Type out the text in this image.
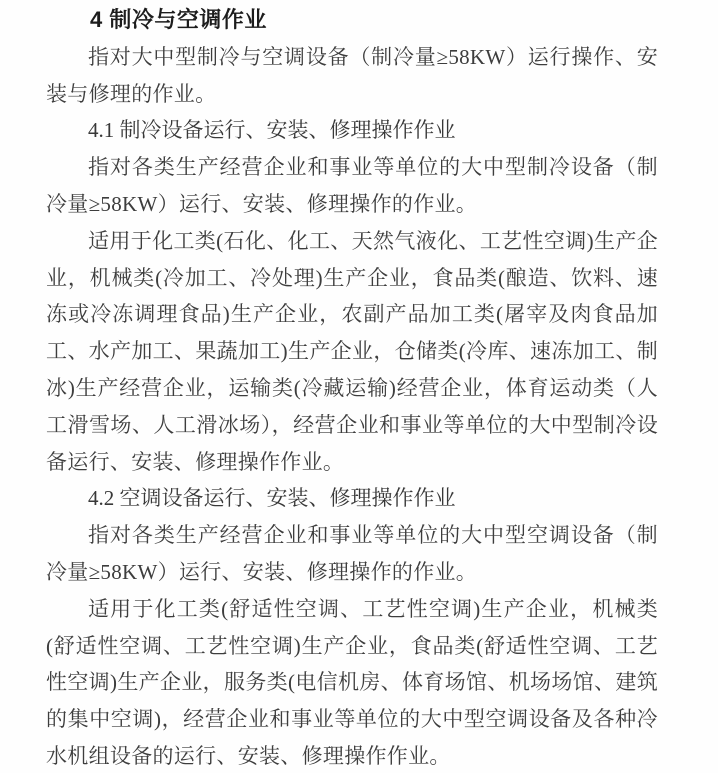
4 制冷与空调作业

指对大中型制冷与空调设备（制冷量≥58KW）运行操作、安装与修理的作业。

4.1 制冷设备运行、安装、修理操作作业

指对各类生产经营企业和事业等单位的大中型制冷设备（制冷量≥58KW）运行、安装、修理操作的作业。

适用于化工类(石化、化工、天然气液化、工艺性空调)生产企业，机械类(冷加工、冷处理)生产企业，食品类(酿造、饮料、速冻或冷冻调理食品)生产企业，农副产品加工类(屠宰及肉食品加工、水产加工、果蔬加工)生产企业，仓储类(冷库、速冻加工、制冰)生产经营企业，运输类(冷藏运输)经营企业，体育运动类（人工滑雪场、人工滑冰场），经营企业和事业等单位的大中型制冷设备运行、安装、修理操作作业。

4.2 空调设备运行、安装、修理操作作业

指对各类生产经营企业和事业等单位的大中型空调设备（制冷量≥58KW）运行、安装、修理操作的作业。

适用于化工类(舒适性空调、工艺性空调)生产企业，机械类(舒适性空调、工艺性空调)生产企业，食品类(舒适性空调、工艺性空调)生产企业，服务类(电信机房、体育场馆、机场场馆、建筑的集中空调)，经营企业和事业等单位的大中型空调设备及各种冷水机组设备的运行、安装、修理操作作业。
